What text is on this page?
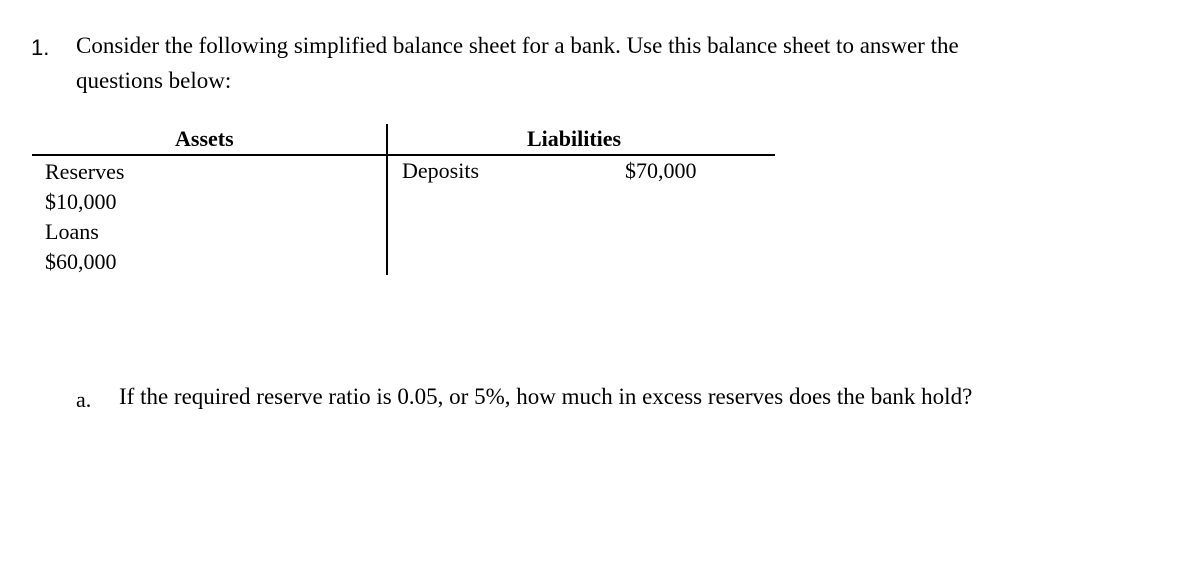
1. Consider the following simplified balance sheet for a bank. Use this balance sheet to answer the
questions below:
Assets	Liabilities
Reserves
$10,000
Loans
$60,000
Deposits	$70,000
a. If the required reserve ratio is 0.05, or 5%, how much in excess reserves does the bank hold?
